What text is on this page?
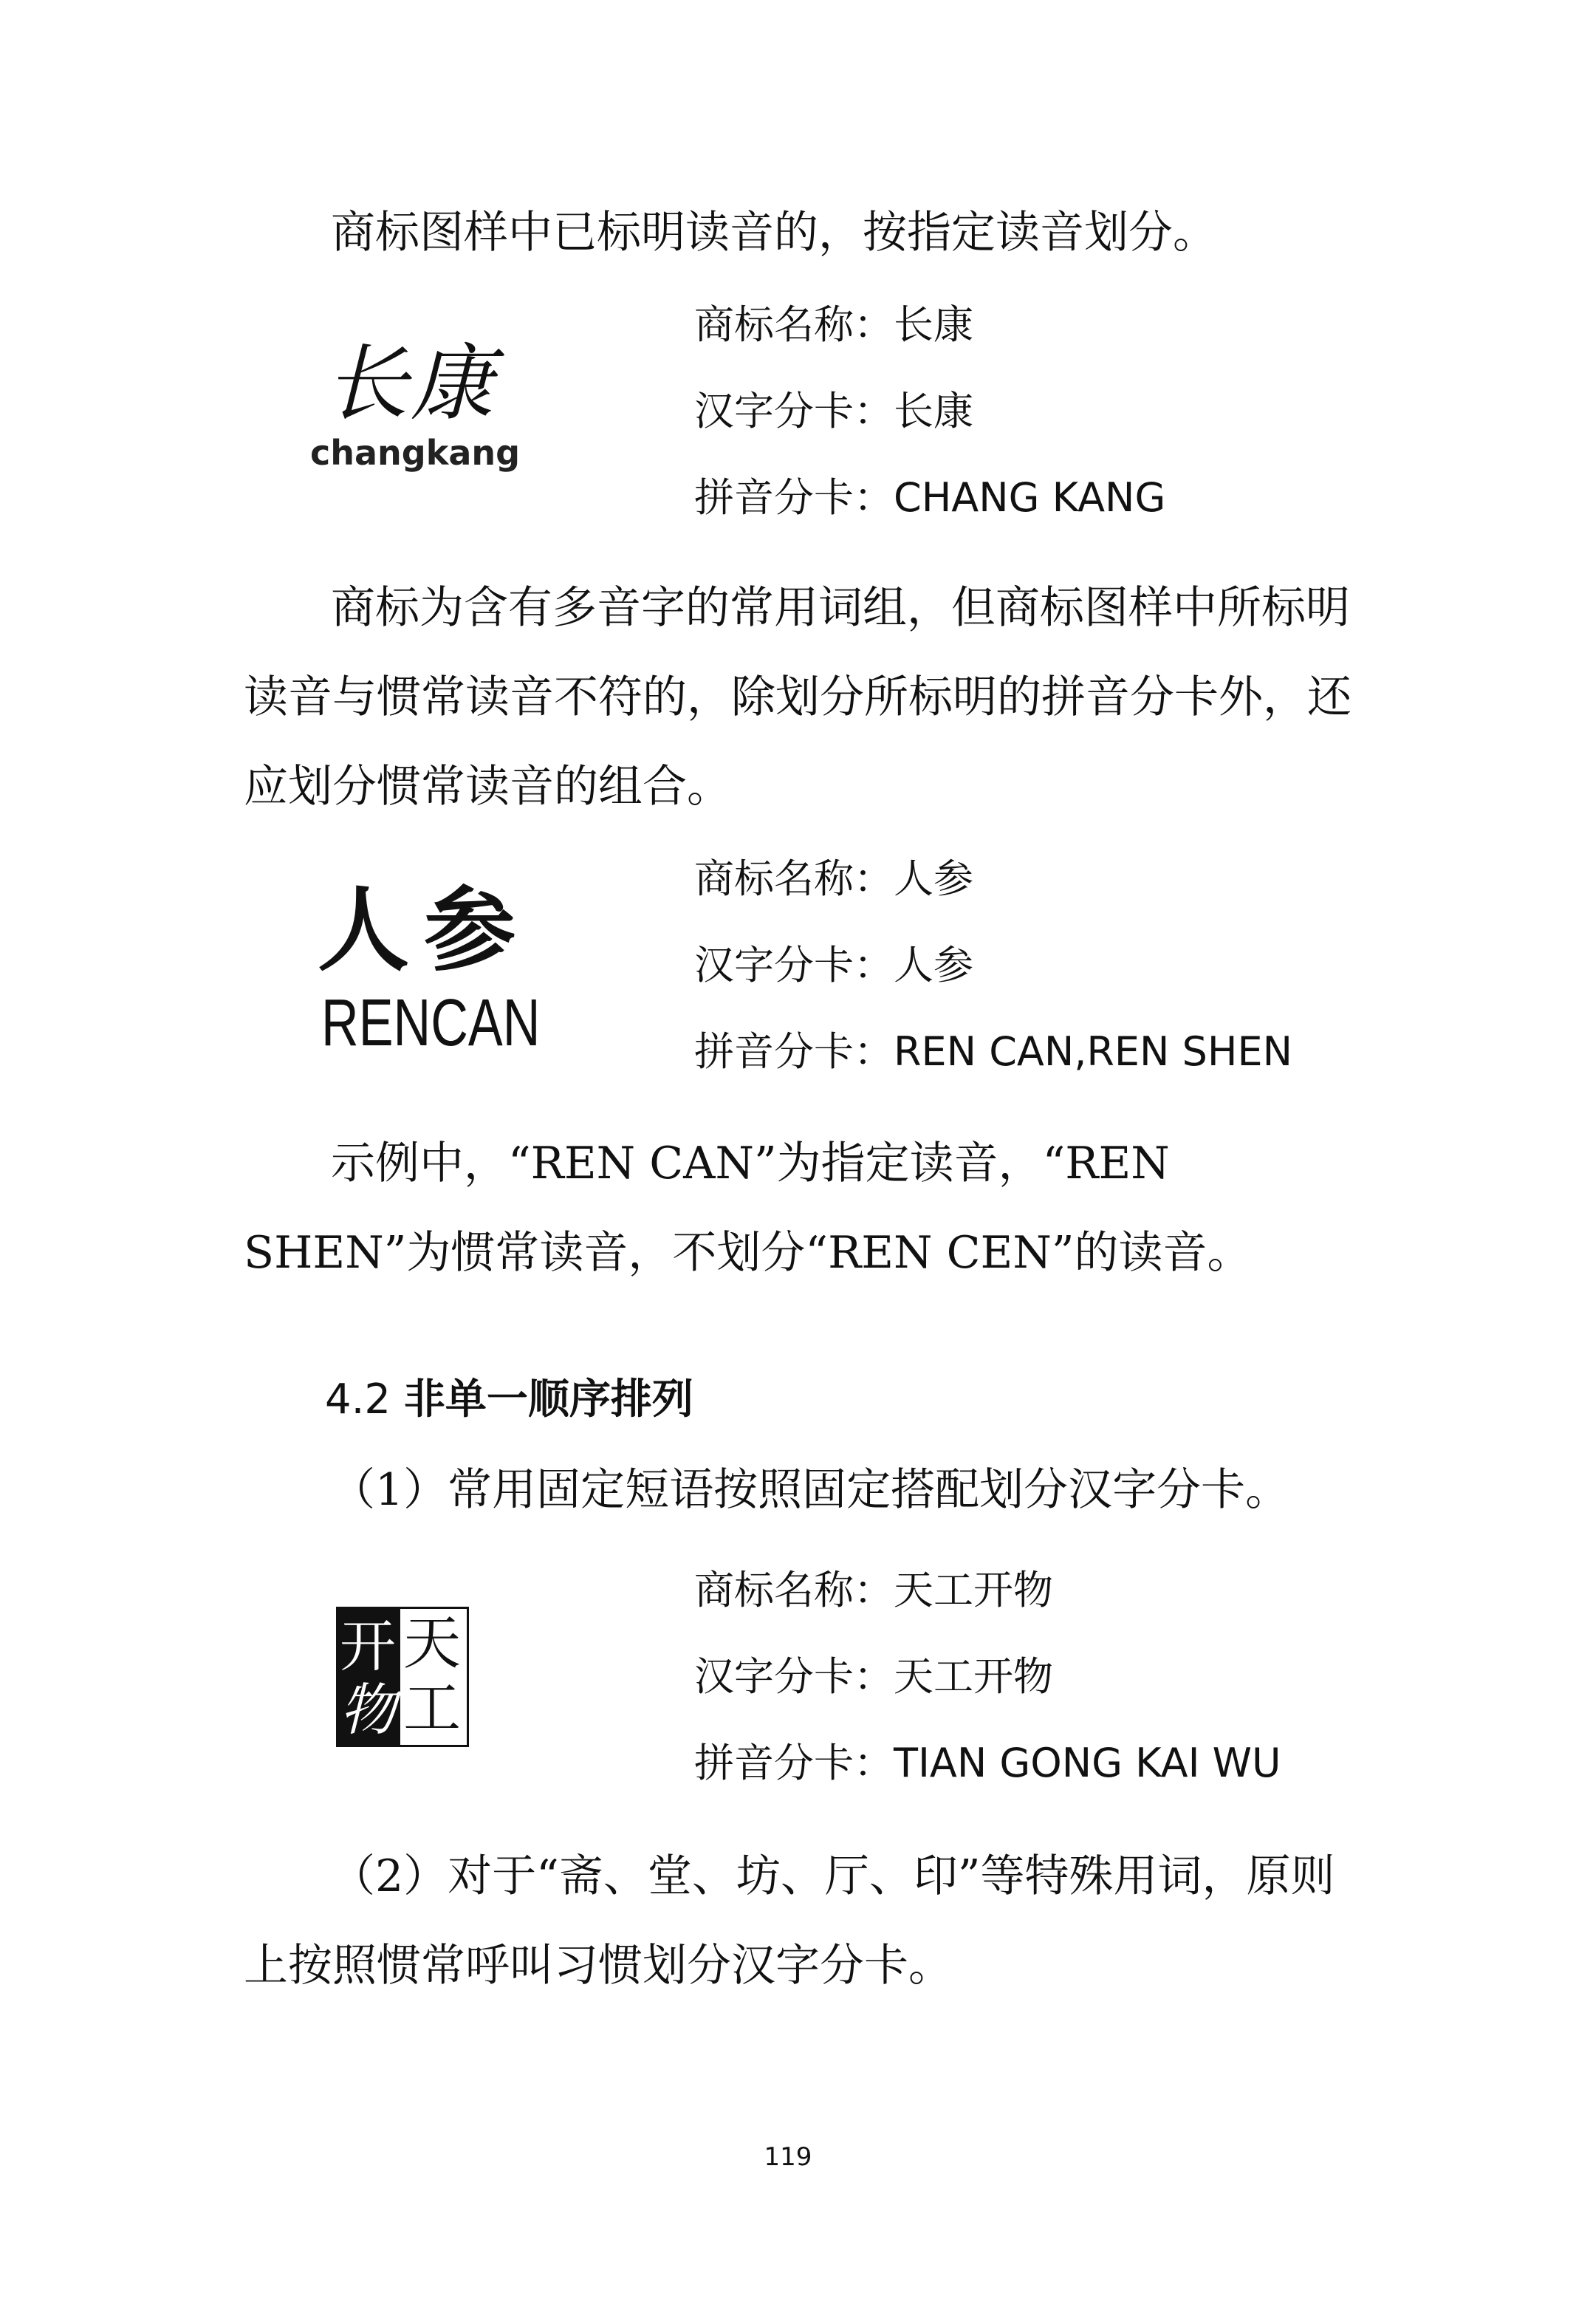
商标图样中已标明读音的，按指定读音划分。

长康
changkang
商标名称：长康
汉字分卡：长康
拼音分卡：CHANG KANG

商标为含有多音字的常用词组，但商标图样中所标明读音与惯常读音不符的，除划分所标明的拼音分卡外，还应划分惯常读音的组合。

人参
RENCAN
商标名称：人参
汉字分卡：人参
拼音分卡：REN CAN,REN SHEN

示例中，“REN CAN”为指定读音，“REN SHEN”为惯常读音，不划分“REN CEN”的读音。

4.2 非单一顺序排列

（1）常用固定短语按照固定搭配划分汉字分卡。

天
开
工
物
商标名称：天工开物
汉字分卡：天工开物
拼音分卡：TIAN GONG KAI WU

（2）对于“斋、堂、坊、厅、印”等特殊用词，原则上按照惯常呼叫习惯划分汉字分卡。

119
